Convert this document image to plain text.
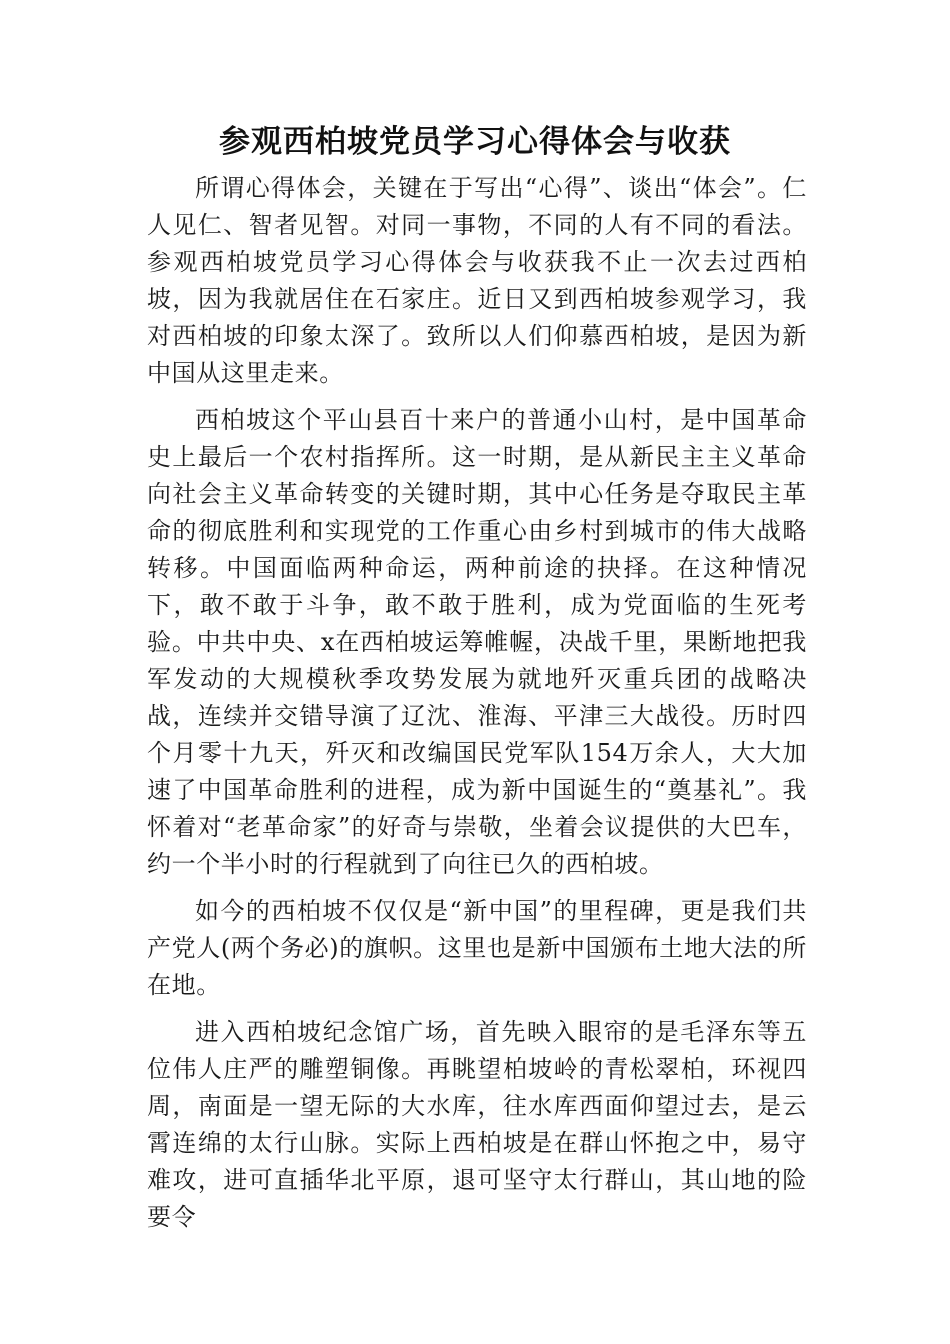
参观西柏坡党员学习心得体会与收获

所谓心得体会，关键在于写出“心得”、谈出“体会”。仁人见仁、智者见智。对同一事物，不同的人有不同的看法。参观西柏坡党员学习心得体会与收获我不止一次去过西柏坡，因为我就居住在石家庄。近日又到西柏坡参观学习，我对西柏坡的印象太深了。致所以人们仰慕西柏坡，是因为新中国从这里走来。

西柏坡这个平山县百十来户的普通小山村，是中国革命史上最后一个农村指挥所。这一时期，是从新民主主义革命向社会主义革命转变的关键时期，其中心任务是夺取民主革命的彻底胜利和实现党的工作重心由乡村到城市的伟大战略转移。中国面临两种命运，两种前途的抉择。在这种情况下，敢不敢于斗争，敢不敢于胜利，成为党面临的生死考验。中共中央、x在西柏坡运筹帷幄，决战千里，果断地把我军发动的大规模秋季攻势发展为就地歼灭重兵团的战略决战，连续并交错导演了辽沈、淮海、平津三大战役。历时四个月零十九天，歼灭和改编国民党军队154万余人，大大加速了中国革命胜利的进程，成为新中国诞生的“奠基礼”。我怀着对“老革命家”的好奇与崇敬，坐着会议提供的大巴车，约一个半小时的行程就到了向往已久的西柏坡。

如今的西柏坡不仅仅是“新中国”的里程碑，更是我们共产党人(两个务必)的旗帜。这里也是新中国颁布土地大法的所在地。

进入西柏坡纪念馆广场，首先映入眼帘的是毛泽东等五位伟人庄严的雕塑铜像。再眺望柏坡岭的青松翠柏，环视四周，南面是一望无际的大水库，往水库西面仰望过去，是云霄连绵的太行山脉。实际上西柏坡是在群山怀抱之中，易守难攻，进可直插华北平原，退可坚守太行群山，其山地的险要令
